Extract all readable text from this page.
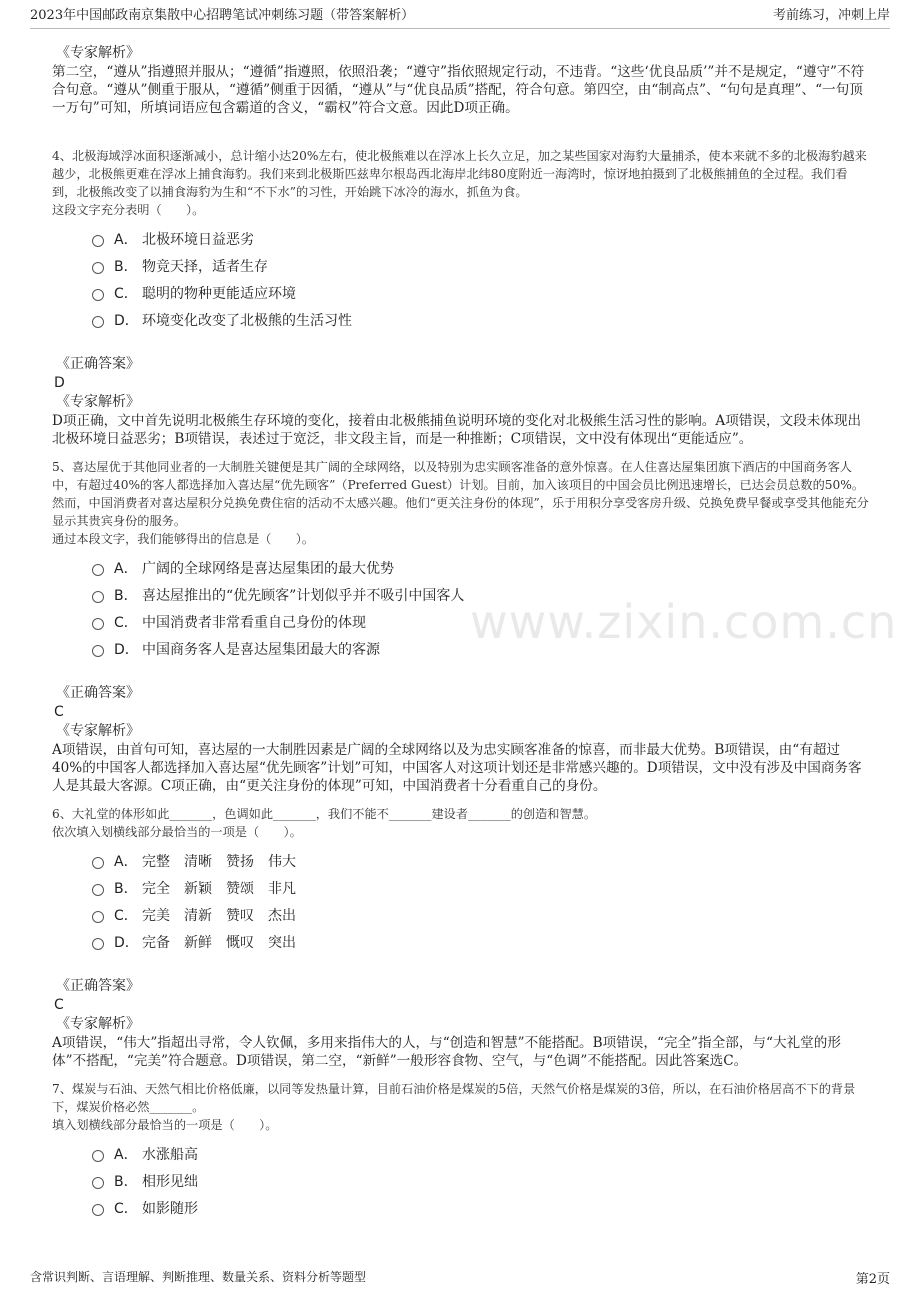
2023年中国邮政南京集散中心招聘笔试冲刺练习题（带答案解析）	考前练习，冲刺上岸
www.zixin.com.cn
《专家解析》

第二空，“遵从”指遵照并服从；“遵循”指遵照，依照沿袭；“遵守”指依照规定行动，不违背。“这些‘优良品质’”并不是规定，“遵守”不符合句意。“遵从”侧重于服从，“遵循”侧重于因循，“遵从”与“优良品质”搭配，符合句意。第四空，由“制高点”、“句句是真理”、“一句顶一万句”可知，所填词语应包含霸道的含义，“霸权”符合文意。因此D项正确。

4、北极海域浮冰面积逐渐减小，总计缩小达20%左右，使北极熊难以在浮冰上长久立足，加之某些国家对海豹大量捕杀，使本来就不多的北极海豹越来越少，北极熊更难在浮冰上捕食海豹。我们来到北极斯匹兹卑尔根岛西北海岸北纬80度附近一海湾时，惊讶地拍摄到了北极熊捕鱼的全过程。我们看到，北极熊改变了以捕食海豹为生和“不下水”的习性，开始跳下冰冷的海水，抓鱼为食。

这段文字充分表明（　　）。

A． 北极环境日益恶劣
B． 物竞天择，适者生存
C． 聪明的物种更能适应环境
D． 环境变化改变了北极熊的生活习性
《正确答案》
D
《专家解析》

D项正确，文中首先说明北极熊生存环境的变化，接着由北极熊捕鱼说明环境的变化对北极熊生活习性的影响。A项错误，文段未体现出北极环境日益恶劣；B项错误，表述过于宽泛，非文段主旨，而是一种推断；C项错误，文中没有体现出“更能适应”。

5、喜达屋优于其他同业者的一大制胜关键便是其广阔的全球网络，以及特别为忠实顾客准备的意外惊喜。在人住喜达屋集团旗下酒店的中国商务客人中，有超过40%的客人都选择加入喜达屋“优先顾客”（Preferred Guest）计划。目前，加入该项目的中国会员比例迅速增长，已达会员总数的50%。然而，中国消费者对喜达屋积分兑换免费住宿的活动不太感兴趣。他们“更关注身份的体现”，乐于用积分享受客房升级、兑换免费早餐或享受其他能充分显示其贵宾身份的服务。

通过本段文字，我们能够得出的信息是（　　）。

A． 广阔的全球网络是喜达屋集团的最大优势
B． 喜达屋推出的“优先顾客”计划似乎并不吸引中国客人
C． 中国消费者非常看重自己身份的体现
D． 中国商务客人是喜达屋集团最大的客源
《正确答案》
C
《专家解析》

A项错误，由首句可知，喜达屋的一大制胜因素是广阔的全球网络以及为忠实顾客准备的惊喜，而非最大优势。B项错误，由“有超过40%的中国客人都选择加入喜达屋“优先顾客”计划”可知，中国客人对这项计划还是非常感兴趣的。D项错误，文中没有涉及中国商务客人是其最大客源。C项正确，由“更关注身份的体现”可知，中国消费者十分看重自己的身份。

6、大礼堂的体形如此_______，色调如此_______，我们不能不_______建设者_______的创造和智慧。

依次填入划横线部分最恰当的一项是（　　）。

A． 完整 清晰 赞扬 伟大
B． 完全 新颖 赞颂 非凡
C． 完美 清新 赞叹 杰出
D． 完备 新鲜 慨叹 突出
《正确答案》
C
《专家解析》

A项错误，“伟大”指超出寻常，令人钦佩，多用来指伟大的人，与“创造和智慧”不能搭配。B项错误，“完全”指全部，与“大礼堂的形体”不搭配，“完美”符合题意。D项错误，第二空，“新鲜”一般形容食物、空气，与“色调”不能搭配。因此答案选C。

7、煤炭与石油、天然气相比价格低廉，以同等发热量计算，目前石油价格是煤炭的5倍，天然气价格是煤炭的3倍，所以，在石油价格居高不下的背景下，煤炭价格必然_______。

填入划横线部分最恰当的一项是（　　）。

A． 水涨船高
B． 相形见绌
C． 如影随形
含常识判断、言语理解、判断推理、数量关系、资料分析等题型	第2页
